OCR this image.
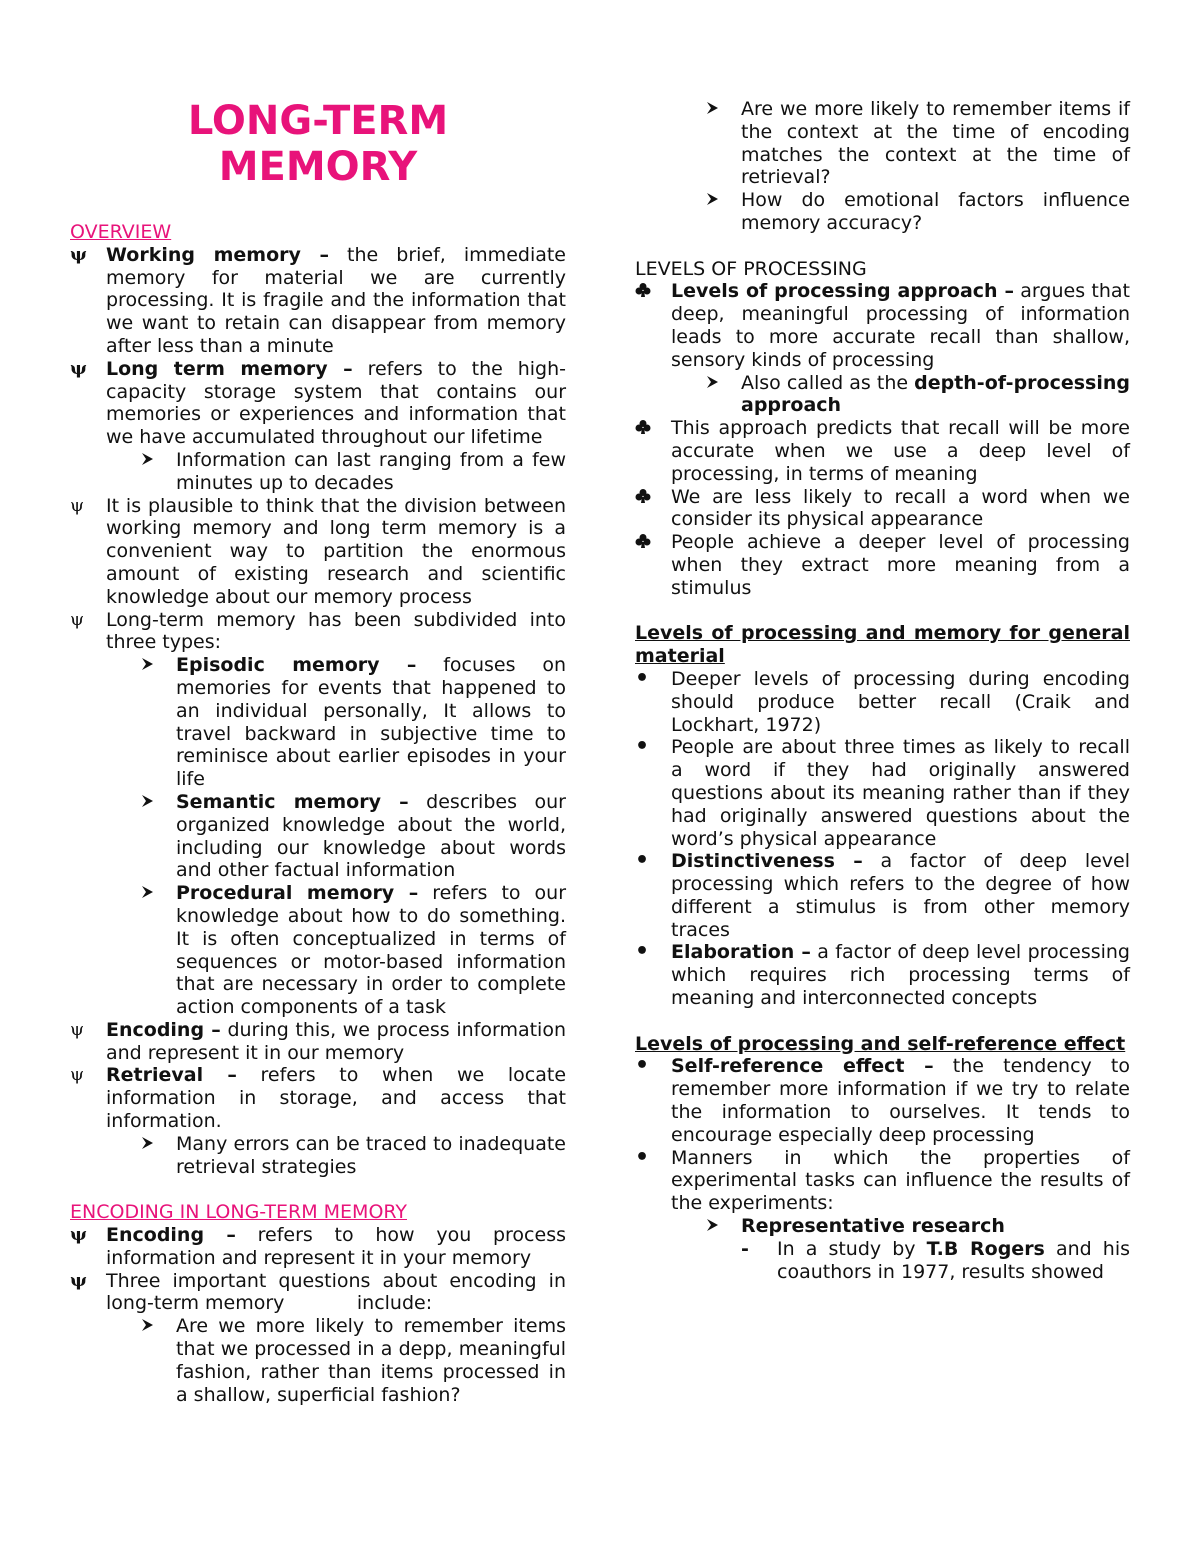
LONG-TERM
MEMORY
OVERVIEW
ψ Working memory – the brief, immediate memory for material we are currently processing. It is fragile and the information that we want to retain can disappear from memory after less than a minute
ψ Long term memory – refers to the high-capacity storage system that contains our memories or experiences and information that we have accumulated throughout our lifetime
Information can last ranging from a few minutes up to decades
ψ	It is plausible to think that the division between working memory and long term memory is a convenient way to partition the enormous amount of existing research and scientific knowledge about our memory process
ψ	Long-term memory has been subdivided into three types:
Episodic memory – focuses on memories for events that happened to an individual personally, It allows to travel backward in subjective time to reminisce about earlier episodes in your life
Semantic memory – describes our organized knowledge about the world, including our knowledge about words and other factual information
Procedural memory – refers to our knowledge about how to do something. It is often conceptualized in terms of sequences or motor-based information that are necessary in order to complete action components of a task
ψ	Encoding – during this, we process information and represent it in our memory
ψ	Retrieval – refers to when we locate information in storage, and access that information.
Many errors can be traced to inadequate retrieval strategies
ENCODING IN LONG-TERM MEMORY
ψ Encoding – refers to how you process information and represent it in your memory
ψ Three important questions about encoding in long-term memory            include:
Are we more likely to remember items that we processed in a depp, meaningful fashion, rather than items processed in a shallow, superficial fashion?
Are we more likely to remember items if the context at the time of encoding matches the context at the time of retrieval?
How do emotional factors influence memory accuracy?
LEVELS OF PROCESSING
Levels of processing approach – argues that deep, meaningful processing of information leads to more accurate recall than shallow, sensory kinds of processing
Also called as the depth-of-processing approach
This approach predicts that recall will be more accurate when we use a deep level of processing, in terms of meaning
We are less likely to recall a word when we consider its physical appearance
People achieve a deeper level of processing when they extract more meaning from a stimulus
Levels of processing and memory for general material
•	Deeper levels of processing during encoding should produce better recall (Craik and Lockhart, 1972)
•	People are about three times as likely to recall a word if they had originally answered questions about its meaning rather than if they had originally answered questions about the word’s physical appearance
•	Distinctiveness – a factor of deep level processing which refers to the degree of how different a stimulus is from other memory traces
•	Elaboration – a factor of deep level processing which requires rich processing terms of meaning and interconnected concepts
Levels of processing and self-reference effect
•	Self-reference effect – the tendency to remember more information if we try to relate the information to ourselves. It tends to encourage especially deep processing
•	Manners in which the properties of experimental tasks can influence the results of the experiments:
Representative research
-	In a study by T.B Rogers and his coauthors in 1977, results showed
